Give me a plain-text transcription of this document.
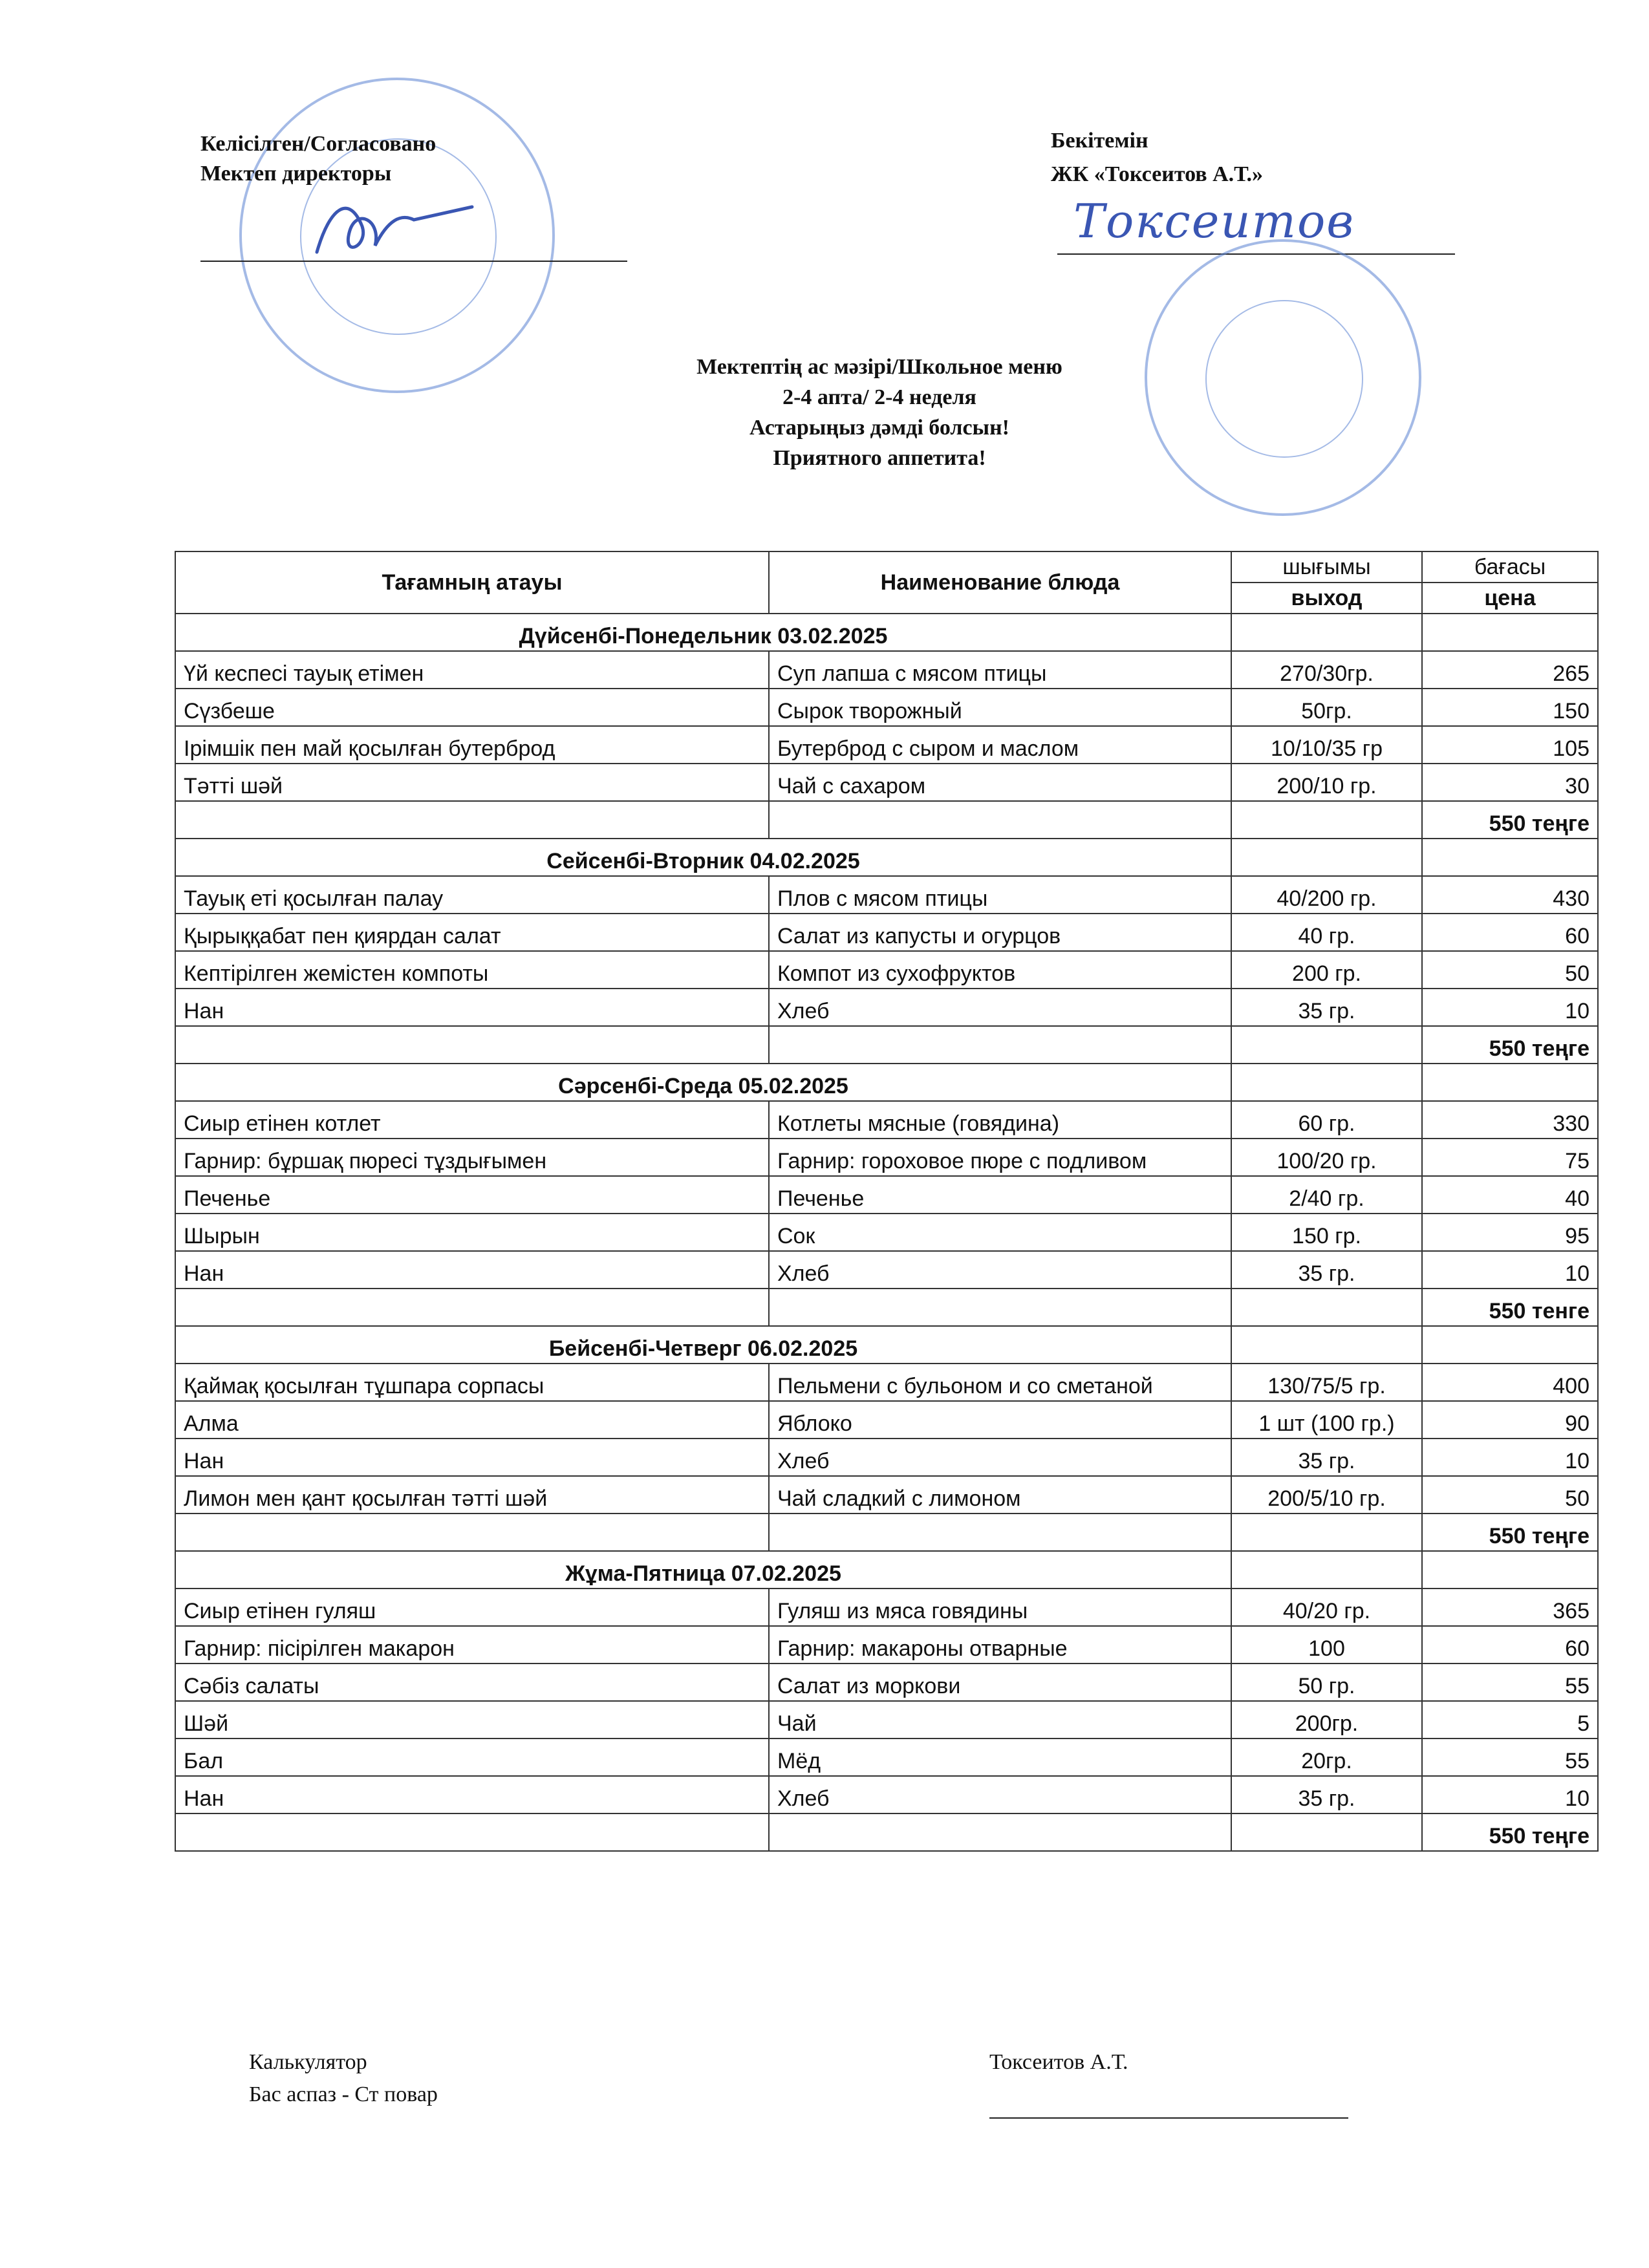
Келісілген/Согласовано
Мектеп директоры
Бекітемін
ЖК «Токсеитов А.Т.»
Токсеитов
Мектептің ас мәзірі/Школьное меню
2-4 апта/ 2-4 неделя
Астарыңыз дәмді болсын!
Приятного аппетита!
Тағамның атауы	Наименование блюда	шығымы	бағасы
		выход	цена
Дүйсенбі-Понедельник 03.02.2025			
Үй кеспесі тауық етімен	Суп лапша с мясом птицы	270/30гр.	265
Сүзбеше	Сырок творожный	50гр.	150
Ірімшік пен май қосылған бутерброд	Бутерброд с сыром и маслом	10/10/35 гр	105
Тәтті шәй	Чай с сахаром	200/10 гр.	30
			550 теңге
Сейсенбі-Вторник 04.02.2025			
Тауық еті қосылған палау	Плов с мясом птицы	40/200 гр.	430
Қырыққабат пен қиярдан салат	Салат из капусты и огурцов	40 гр.	60
Кептірілген жемістен компоты	Компот из сухофруктов	200 гр.	50
Нан	Хлеб	35 гр.	10
			550 теңге
Сәрсенбі-Среда 05.02.2025			
Сиыр етінен котлет	Котлеты мясные (говядина)	60 гр.	330
Гарнир: бұршақ пюресі тұздығымен	Гарнир: гороховое пюре с подливом	100/20 гр.	75
Печенье	Печенье	2/40 гр.	40
Шырын	Сок	150 гр.	95
Нан	Хлеб	35 гр.	10
			550 тенге
Бейсенбі-Четверг 06.02.2025			
Қаймақ қосылған тұшпара сорпасы	Пельмени с бульоном и со сметаной	130/75/5 гр.	400
Алма	Яблоко	1 шт (100 гр.)	90
Нан	Хлеб	35 гр.	10
Лимон мен қант қосылған тәтті шәй	Чай сладкий с лимоном	200/5/10 гр.	50
			550 теңге
Жұма-Пятница 07.02.2025			
Сиыр етінен гуляш	Гуляш из мяса говядины	40/20 гр.	365
Гарнир: пісірілген макарон	Гарнир: макароны отварные	100	60
Сәбіз салаты	Салат из моркови	50 гр.	55
Шәй	Чай	200гр.	5
Бал	Мёд	20гр.	55
Нан	Хлеб	35 гр.	10
			550 теңге
Калькулятор
Бас аспаз - Ст повар
Токсеитов А.Т.
